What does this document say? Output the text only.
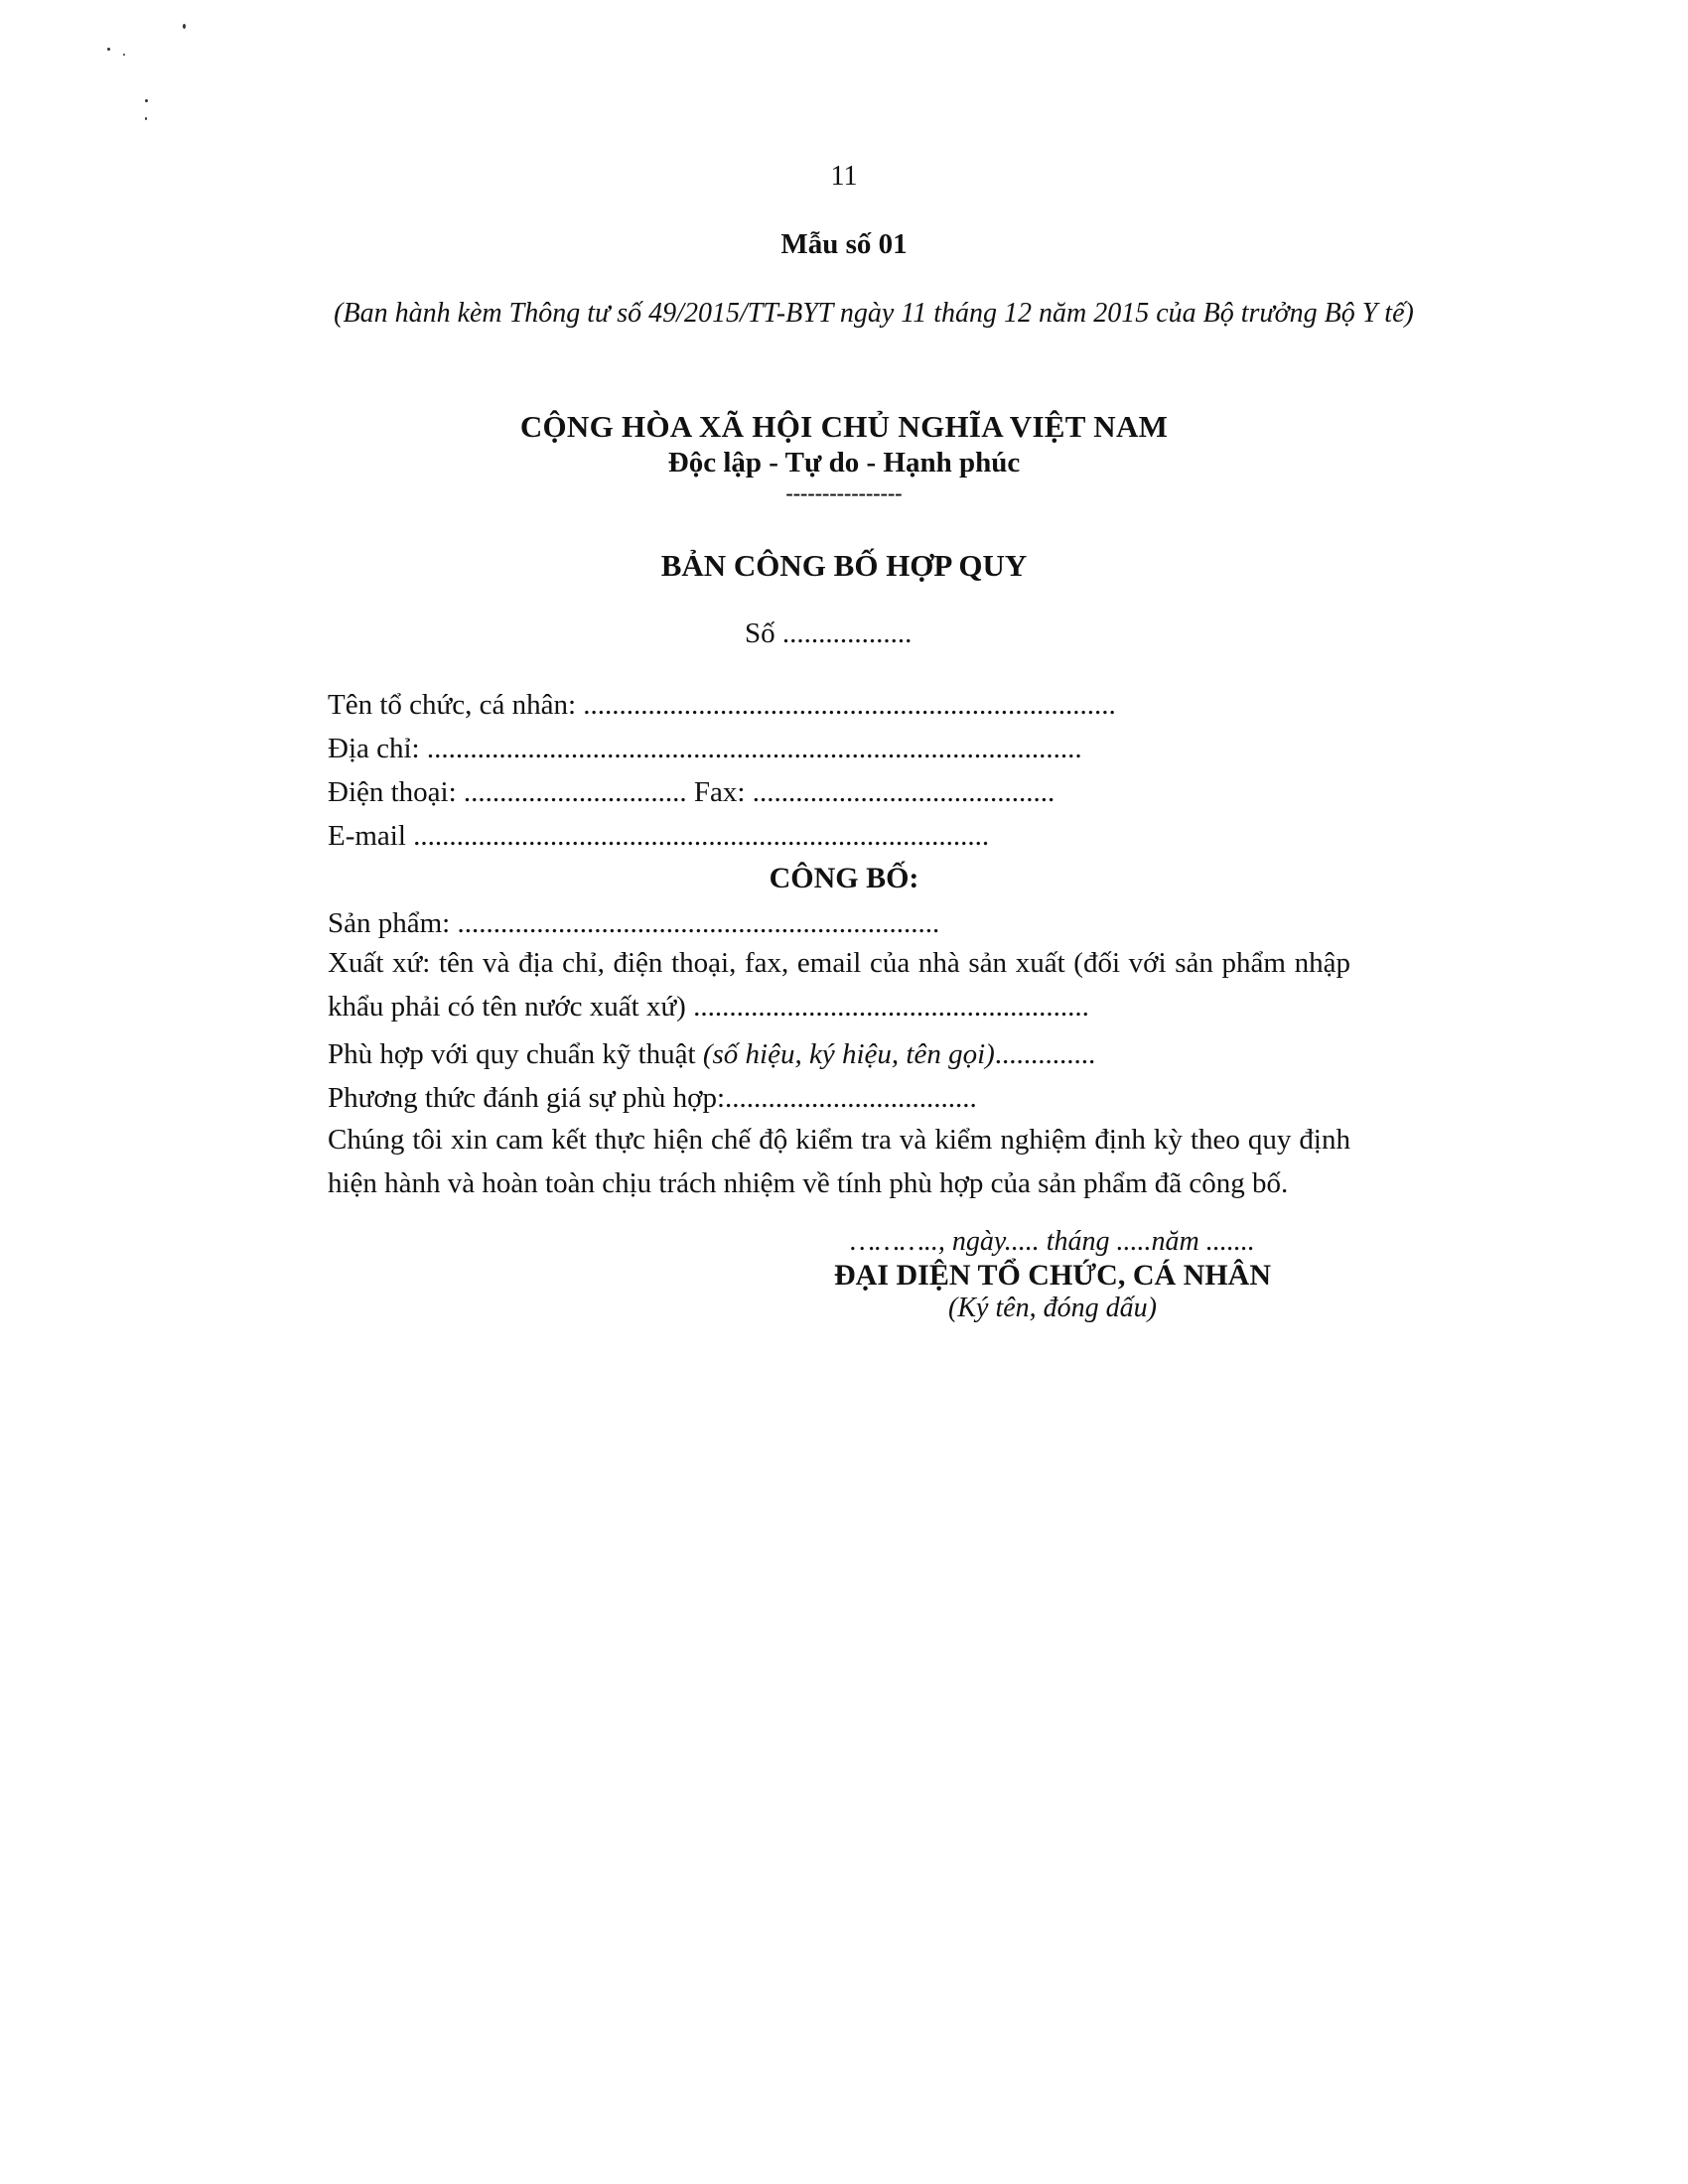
11
Mẫu số 01
(Ban hành kèm Thông tư số 49/2015/TT-BYT ngày 11 tháng 12 năm 2015 của Bộ trưởng Bộ Y tế)
CỘNG HÒA XÃ HỘI CHỦ NGHĨA VIỆT NAM
Độc lập - Tự do - Hạnh phúc
----------------
BẢN CÔNG BỐ HỢP QUY
Số ..................
Tên tổ chức, cá nhân: ..........................................................................
Địa chỉ: ...........................................................................................
Điện thoại: ............................... Fax: ..........................................
E-mail ................................................................................
CÔNG BỐ:
Sản phẩm: ...................................................................
Xuất xứ: tên và địa chỉ, điện thoại, fax, email của nhà sản xuất (đối với sản phẩm nhập khẩu phải có tên nước xuất xứ) .......................................................
Phù hợp với quy chuẩn kỹ thuật (số hiệu, ký hiệu, tên gọi)..............
Phương thức đánh giá sự phù hợp:...................................
Chúng tôi xin cam kết thực hiện chế độ kiểm tra và kiểm nghiệm định kỳ theo quy định hiện hành và hoàn toàn chịu trách nhiệm về tính phù hợp của sản phẩm đã công bố.
……….., ngày..... tháng .....năm .......
ĐẠI DIỆN TỔ CHỨC, CÁ NHÂN
(Ký tên, đóng dấu)
